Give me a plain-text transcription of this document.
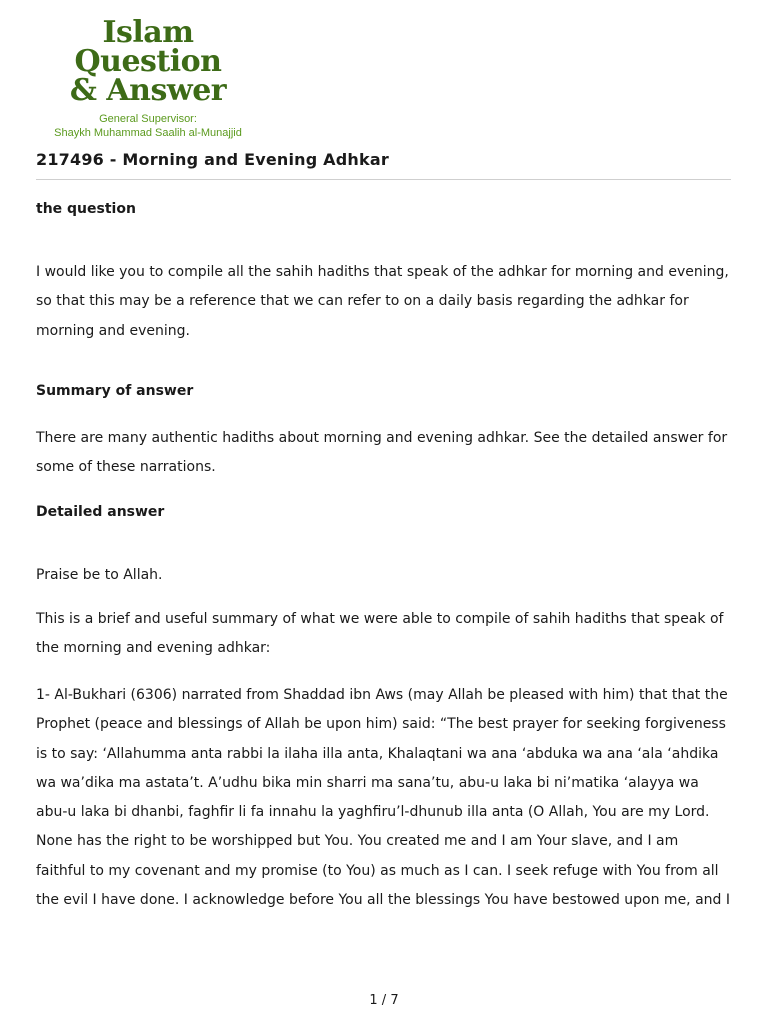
Islam Question
& Answer
General Supervisor:
Shaykh Muhammad Saalih al-Munajjid
217496 - Morning and Evening Adhkar
the question

I would like you to compile all the sahih hadiths that speak of the adhkar for morning and evening,
so that this may be a reference that we can refer to on a daily basis regarding the adhkar for
morning and evening.

Summary of answer

There are many authentic hadiths about morning and evening adhkar. See the detailed answer for
some of these narrations.

Detailed answer

Praise be to Allah.

This is a brief and useful summary of what we were able to compile of sahih hadiths that speak of
the morning and evening adhkar:

1- Al-Bukhari (6306) narrated from Shaddad ibn Aws (may Allah be pleased with him) that that the
Prophet (peace and blessings of Allah be upon him) said: “The best prayer for seeking forgiveness
is to say: ‘Allahumma anta rabbi la ilaha illa anta, Khalaqtani wa ana ‘abduka wa ana ‘ala ‘ahdika
wa wa’dika ma astata’t. A’udhu bika min sharri ma sana’tu, abu-u laka bi ni’matika ‘alayya wa
abu-u laka bi dhanbi, faghfir li fa innahu la yaghfiru’l-dhunub illa anta (O Allah, You are my Lord.
None has the right to be worshipped but You. You created me and I am Your slave, and I am
faithful to my covenant and my promise (to You) as much as I can. I seek refuge with You from all
the evil I have done. I acknowledge before You all the blessings You have bestowed upon me, and I

1 / 7
